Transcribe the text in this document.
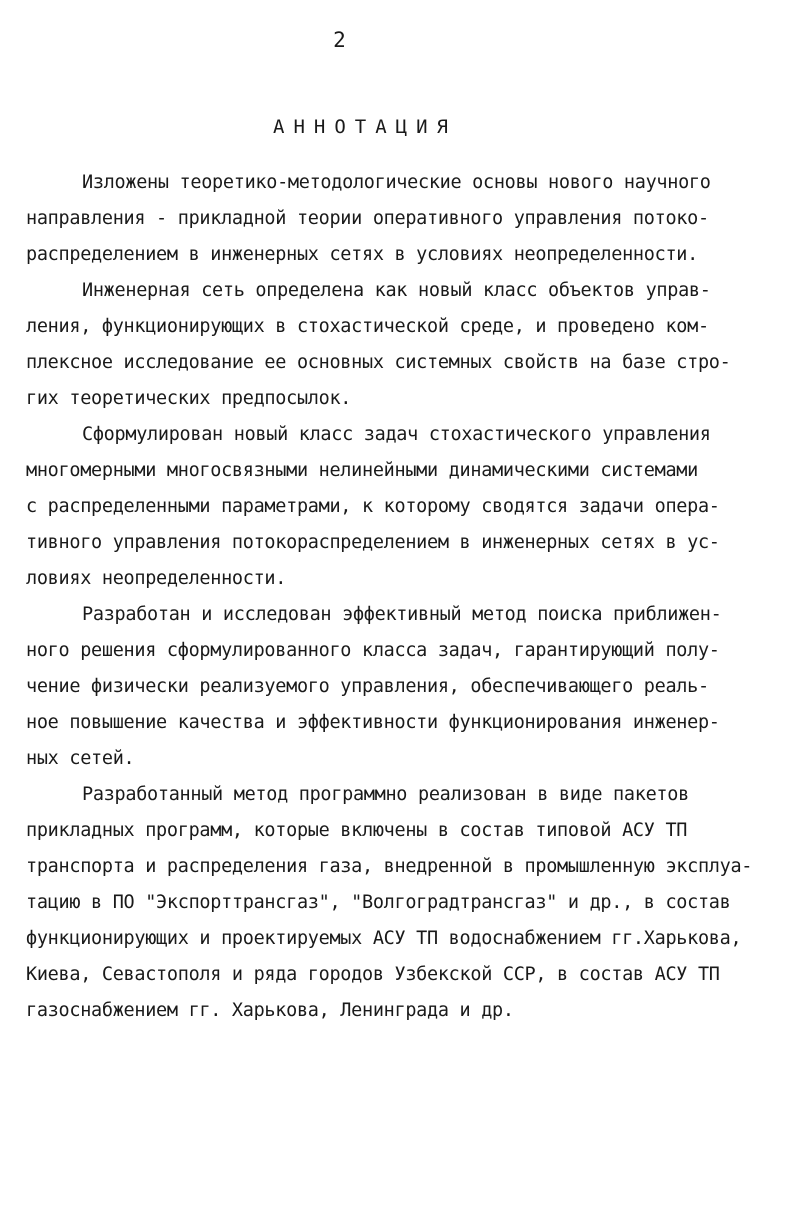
2
АННОТАЦИЯ
Изложены теоретико-методологические основы нового научного
направления - прикладной теории оперативного управления потоко-
распределением в инженерных сетях в условиях неопределенности.
Инженерная сеть определена как новый класс объектов управ-
ления, функционирующих в стохастической среде, и проведено ком-
плексное исследование ее основных системных свойств на базе стро-
гих теоретических предпосылок.
Сформулирован новый класс задач стохастического управления
многомерными многосвязными нелинейными динамическими системами
с распределенными параметрами, к которому сводятся задачи опера-
тивного управления потокораспределением в инженерных сетях в ус-
ловиях неопределенности.
Разработан и исследован эффективный метод поиска приближен-
ного решения сформулированного класса задач, гарантирующий полу-
чение физически реализуемого управления, обеспечивающего реаль-
ное повышение качества и эффективности функционирования инженер-
ных сетей.
Разработанный метод программно реализован в виде пакетов
прикладных программ, которые включены в состав типовой АСУ ТП
транспорта и распределения газа, внедренной в промышленную эксплуа-
тацию в ПО "Экспорттрансгаз", "Волгоградтрансгаз" и др., в состав
функционирующих и проектируемых АСУ ТП водоснабжением гг.Харькова,
Киева, Севастополя и ряда городов Узбекской ССР, в состав АСУ ТП
газоснабжением гг. Харькова, Ленинграда и др.
